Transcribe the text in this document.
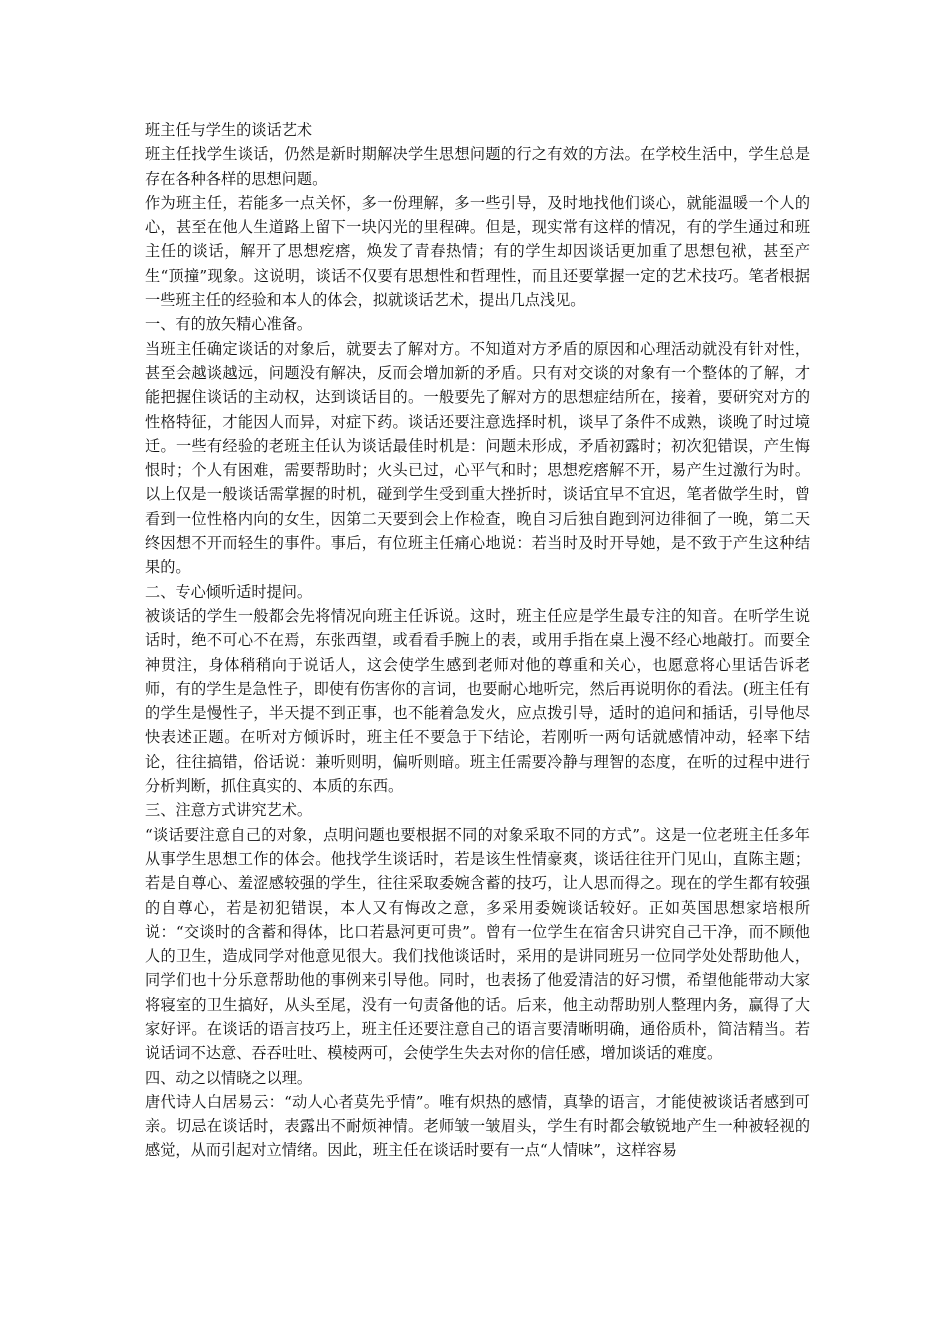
班主任与学生的谈话艺术

班主任找学生谈话，仍然是新时期解决学生思想问题的行之有效的方法。在学校生活中，学生总是存在各种各样的思想问题。

作为班主任，若能多一点关怀，多一份理解，多一些引导，及时地找他们谈心，就能温暖一个人的心，甚至在他人生道路上留下一块闪光的里程碑。但是，现实常有这样的情况，有的学生通过和班主任的谈话，解开了思想疙瘩，焕发了青春热情；有的学生却因谈话更加重了思想包袱，甚至产生“顶撞”现象。这说明，谈话不仅要有思想性和哲理性，而且还要掌握一定的艺术技巧。笔者根据一些班主任的经验和本人的体会，拟就谈话艺术，提出几点浅见。

一、有的放矢精心准备。

当班主任确定谈话的对象后，就要去了解对方。不知道对方矛盾的原因和心理活动就没有针对性，甚至会越谈越远，问题没有解决，反而会增加新的矛盾。只有对交谈的对象有一个整体的了解，才能把握住谈话的主动权，达到谈话目的。一般要先了解对方的思想症结所在，接着，要研究对方的性格特征，才能因人而异，对症下药。谈话还要注意选择时机，谈早了条件不成熟，谈晚了时过境迁。一些有经验的老班主任认为谈话最佳时机是：问题未形成，矛盾初露时；初次犯错误，产生悔恨时；个人有困难，需要帮助时；火头已过，心平气和时；思想疙瘩解不开，易产生过激行为时。以上仅是一般谈话需掌握的时机，碰到学生受到重大挫折时，谈话宜早不宜迟，笔者做学生时，曾看到一位性格内向的女生，因第二天要到会上作检查，晚自习后独自跑到河边徘徊了一晚，第二天终因想不开而轻生的事件。事后，有位班主任痛心地说：若当时及时开导她，是不致于产生这种结果的。

二、专心倾听适时提问。

被谈话的学生一般都会先将情况向班主任诉说。这时，班主任应是学生最专注的知音。在听学生说话时，绝不可心不在焉，东张西望，或看看手腕上的表，或用手指在桌上漫不经心地敲打。而要全神贯注，身体稍稍向于说话人，这会使学生感到老师对他的尊重和关心，也愿意将心里话告诉老师，有的学生是急性子，即使有伤害你的言词，也要耐心地听完，然后再说明你的看法。(班主任有的学生是慢性子，半天提不到正事，也不能着急发火，应点拨引导，适时的追问和插话，引导他尽快表述正题。在听对方倾诉时，班主任不要急于下结论，若刚听一两句话就感情冲动，轻率下结论，往往搞错，俗话说：兼听则明，偏听则暗。班主任需要冷静与理智的态度，在听的过程中进行分析判断，抓住真实的、本质的东西。

三、注意方式讲究艺术。

“谈话要注意自己的对象，点明问题也要根据不同的对象采取不同的方式”。这是一位老班主任多年从事学生思想工作的体会。他找学生谈话时，若是该生性情豪爽，谈话往往开门见山，直陈主题；若是自尊心、羞涩感较强的学生，往往采取委婉含蓄的技巧，让人思而得之。现在的学生都有较强的自尊心，若是初犯错误，本人又有悔改之意，多采用委婉谈话较好。正如英国思想家培根所说：“交谈时的含蓄和得体，比口若悬河更可贵”。曾有一位学生在宿舍只讲究自己干净，而不顾他人的卫生，造成同学对他意见很大。我们找他谈话时，采用的是讲同班另一位同学处处帮助他人，同学们也十分乐意帮助他的事例来引导他。同时，也表扬了他爱清洁的好习惯，希望他能带动大家将寝室的卫生搞好，从头至尾，没有一句责备他的话。后来，他主动帮助别人整理内务，赢得了大家好评。在谈话的语言技巧上，班主任还要注意自己的语言要清晰明确，通俗质朴，简洁精当。若说话词不达意、吞吞吐吐、模棱两可，会使学生失去对你的信任感，增加谈话的难度。

四、动之以情晓之以理。

唐代诗人白居易云：“动人心者莫先乎情”。唯有炽热的感情，真挚的语言，才能使被谈话者感到可亲。切忌在谈话时，表露出不耐烦神情。老师皱一皱眉头，学生有时都会敏锐地产生一种被轻视的感觉，从而引起对立情绪。因此，班主任在谈话时要有一点“人情味”，这样容易
